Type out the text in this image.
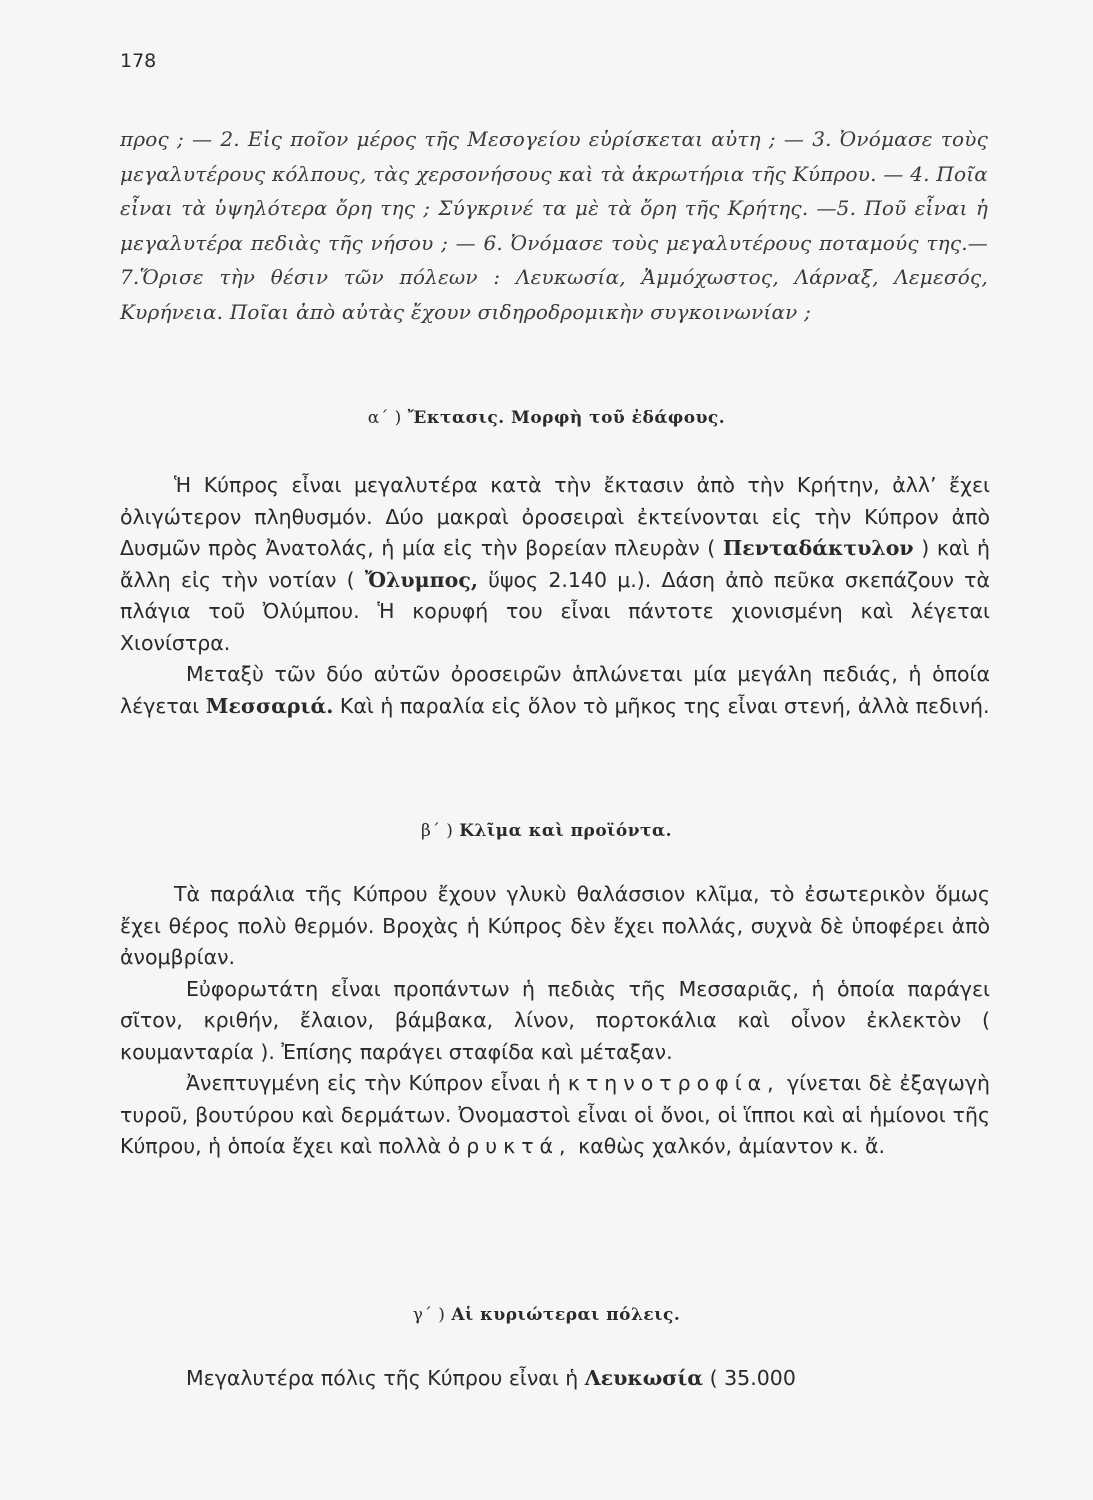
178
προς ; — 2. Εἰς ποῖον μέρος τῆς Μεσογείου εὑρίσκεται αὐτη ; — 3. Ὀνόμασε τοὺς μεγαλυτέρους κόλπους, τὰς χερσονήσους καὶ τὰ ἀκρωτήρια τῆς Κύπρου. — 4. Ποῖα εἶναι τὰ ὑψηλότερα ὄρη της ; Σύγκρινέ τα μὲ τὰ ὄρη τῆς Κρήτης. —5. Ποῦ εἶναι ἡ μεγαλυτέρα πεδιὰς τῆς νήσου ; — 6. Ὀνόμασε τοὺς μεγαλυτέρους ποταμούς της.— 7.Ὅρισε τὴν θέσιν τῶν πόλεων : Λευκωσία, Ἀμμόχωστος, Λάρναξ, Λεμεσός, Κυρήνεια. Ποῖαι ἀπὸ αὐτὰς ἔχουν σιδηροδρομικὴν συγκοινωνίαν ;
α΄ ) Ἔκτασις. Μορφὴ τοῦ ἐδάφους.

Ἡ Κύπρος εἶναι μεγαλυτέρα κατὰ τὴν ἔκτασιν ἀπὸ τὴν Κρήτην, ἀλλ’ ἔχει ὀλιγώτερον πληθυσμόν. Δύο μακραὶ ὀροσειραὶ ἐκτείνονται εἰς τὴν Κύπρον ἀπὸ Δυσμῶν πρὸς Ἀνατολάς, ἡ μία εἰς τὴν βορείαν πλευρὰν ( Πενταδάκτυλον ) καὶ ἡ ἄλλη εἰς τὴν νοτίαν ( Ὄλυμπος, ὕψος 2.140 μ.). Δάση ἀπὸ πεῦκα σκεπάζουν τὰ πλάγια τοῦ Ὀλύμπου. Ἡ κορυφή του εἶναι πάντοτε χιονισμένη καὶ λέγεται Χιονίστρα.

Μεταξὺ τῶν δύο αὐτῶν ὀροσειρῶν ἁπλώνεται μία μεγάλη πεδιάς, ἡ ὁποία λέγεται Μεσσαριά. Καὶ ἡ παραλία εἰς ὅλον τὸ μῆκος της εἶναι στενή, ἀλλὰ πεδινή.

β΄ ) Κλῖμα καὶ προϊόντα.

Τὰ παράλια τῆς Κύπρου ἔχουν γλυκὺ θαλάσσιον κλῖμα, τὸ ἐσωτερικὸν ὅμως ἔχει θέρος πολὺ θερμόν. Βροχὰς ἡ Κύπρος δὲν ἔχει πολλάς, συχνὰ δὲ ὑποφέρει ἀπὸ ἀνομβρίαν.

Εὐφορωτάτη εἶναι προπάντων ἡ πεδιὰς τῆς Μεσσαριᾶς, ἡ ὁποία παράγει σῖτον, κριθήν, ἔλαιον, βάμβακα, λίνον, πορτοκάλια καὶ οἶνον ἐκλεκτὸν ( κουμανταρία ). Ἐπίσης παράγει σταφίδα καὶ μέταξαν.

Ἀνεπτυγμένη εἰς τὴν Κύπρον εἶναι ἡ κτηνοτροφία, γίνεται δὲ ἐξαγωγὴ τυροῦ, βουτύρου καὶ δερμάτων. Ὀνομαστοὶ εἶναι οἱ ὄνοι, οἱ ἵπποι καὶ αἱ ἡμίονοι τῆς Κύπρου, ἡ ὁποία ἔχει καὶ πολλὰ ὀρυκτά, καθὼς χαλκόν, ἀμίαντον κ. ἄ.

γ΄ ) Αἱ κυριώτεραι πόλεις.

Μεγαλυτέρα πόλις τῆς Κύπρου εἶναι ἡ Λευκωσία ( 35.000
